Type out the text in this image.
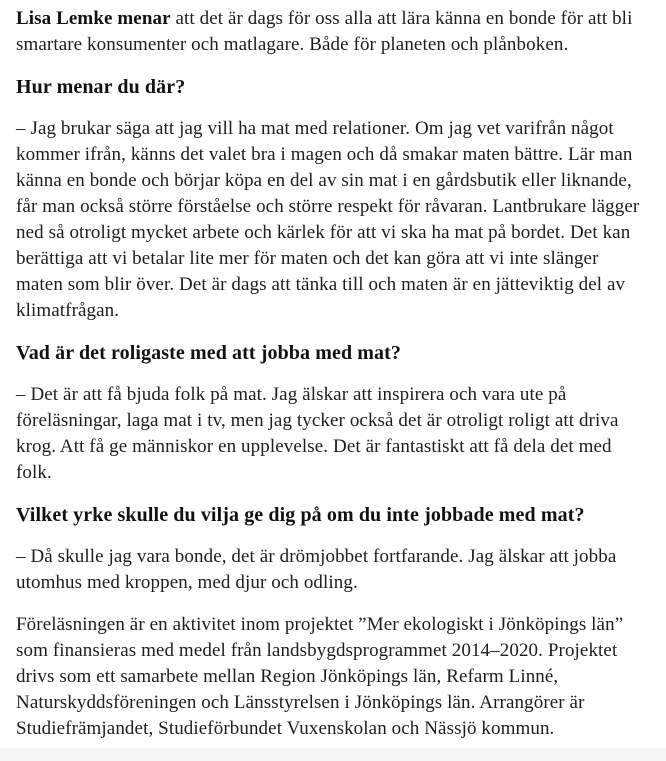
Lisa Lemke menar att det är dags för oss alla att lära känna en bonde för att bli smartare konsumenter och matlagare. Både för planeten och plånboken.

Hur menar du där?

– Jag brukar säga att jag vill ha mat med relationer. Om jag vet varifrån något kommer ifrån, känns det valet bra i magen och då smakar maten bättre. Lär man känna en bonde och börjar köpa en del av sin mat i en gårdsbutik eller liknande, får man också större förståelse och större respekt för råvaran. Lantbrukare lägger ned så otroligt mycket arbete och kärlek för att vi ska ha mat på bordet. Det kan berättiga att vi betalar lite mer för maten och det kan göra att vi inte slänger maten som blir över. Det är dags att tänka till och maten är en jätteviktig del av klimatfrågan.

Vad är det roligaste med att jobba med mat?

– Det är att få bjuda folk på mat. Jag älskar att inspirera och vara ute på föreläsningar, laga mat i tv, men jag tycker också det är otroligt roligt att driva krog. Att få ge människor en upplevelse. Det är fantastiskt att få dela det med folk.

Vilket yrke skulle du vilja ge dig på om du inte jobbade med mat?

– Då skulle jag vara bonde, det är drömjobbet fortfarande. Jag älskar att jobba utomhus med kroppen, med djur och odling.

Föreläsningen är en aktivitet inom projektet ”Mer ekologiskt i Jönköpings län” som finansieras med medel från landsbygdsprogrammet 2014–2020. Projektet drivs som ett samarbete mellan Region Jönköpings län, Refarm Linné, Naturskyddsföreningen och Länsstyrelsen i Jönköpings län. Arrangörer är Studiefrämjandet, Studieförbundet Vuxenskolan och Nässjö kommun.
